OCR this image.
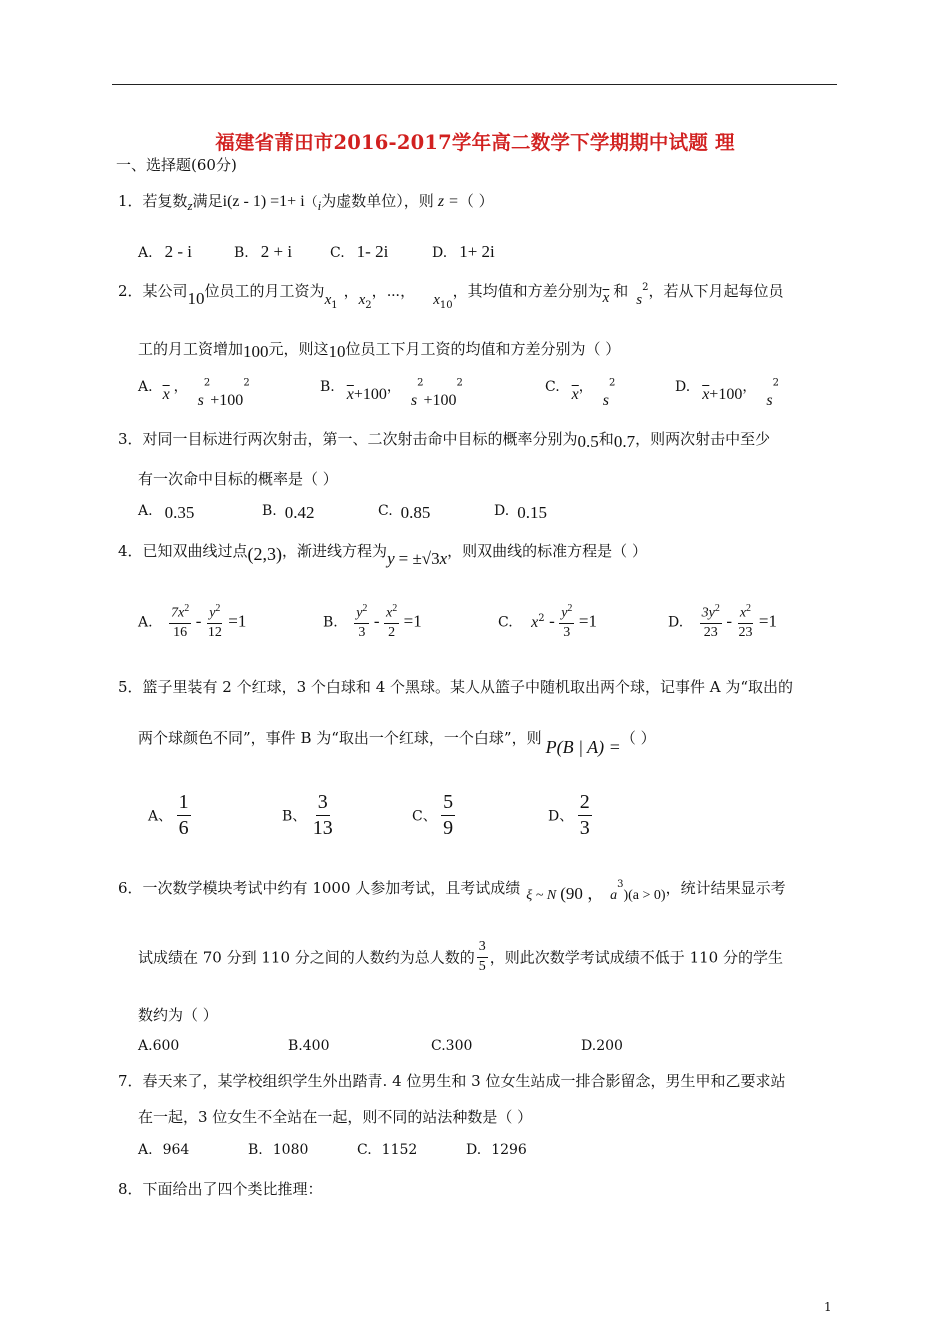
福建省莆田市2016-2017学年高二数学下学期期中试题 理
一、选择题(60分)
1．若复数z满足i(z - 1) =1+ i（i为虚数单位），则 z =（ ）
A. 2 - i	B. 2 + i	C. 1- 2i	D. 1+ 2i
2．某公司10位员工的月工资为$x_1$，$x_2$，⋯， $x_{10}$，其均值和方差分别为$\overline{x}$ 和 $s^2$，若从下月起每位员
工的月工资增加100元，则这10位员工下月工资的均值和方差分别为（ ）
A. $\overline{x}$ ，$s^2+100^2$	B. $\overline{x}+100$，$s^2+100^2$	C. $\overline{x}$，$s^2$	D. $\overline{x}+100$，$s^2$
3．对同一目标进行两次射击，第一、二次射击命中目标的概率分别为0.5和0.7，则两次射击中至少
有一次命中目标的概率是（ ）
A. 0.35	B. 0.42	C. 0.85	D. 0.15
4．已知双曲线过点(2,3)，渐进线方程为y = ±√3x，则双曲线的标准方程是（ ）
A. $\frac{7x^2}{16} - \frac{y^2}{12} =1$	B. $\frac{y^2}{3} - \frac{x^2}{2} =1$	C. $x^2 - \frac{y^2}{3} =1$	D. $\frac{3y^2}{23} - \frac{x^2}{23} =1$
5．篮子里装有 2 个红球，3 个白球和 4 个黑球。某人从篮子中随机取出两个球，记事件 A 为“取出的
两个球颜色不同”，事件 B 为“取出一个红球，一个白球”，则 P(B | A) =（ ）
A、 $\frac{1}{6}$	B、 $\frac{3}{13}$	C、 $\frac{5}{9}$	D、 $\frac{2}{3}$
6．一次数学模块考试中约有 1000 人参加考试，且考试成绩 ξ ~ N (90 ， $a^3)(a > 0)$，统计结果显示考
试成绩在 70 分到 110 分之间的人数约为总人数的 $\frac{3}{5}$ ，则此次数学考试成绩不低于 110 分的学生
数约为（ ）
A.600	B.400	C.300	D.200
7．春天来了，某学校组织学生外出踏青. 4 位男生和 3 位女生站成一排合影留念，男生甲和乙要求站
在一起，3 位女生不全站在一起，则不同的站法种数是（ ）
A. 964	B. 1080	C. 1152	D. 1296
8．下面给出了四个类比推理：
1
